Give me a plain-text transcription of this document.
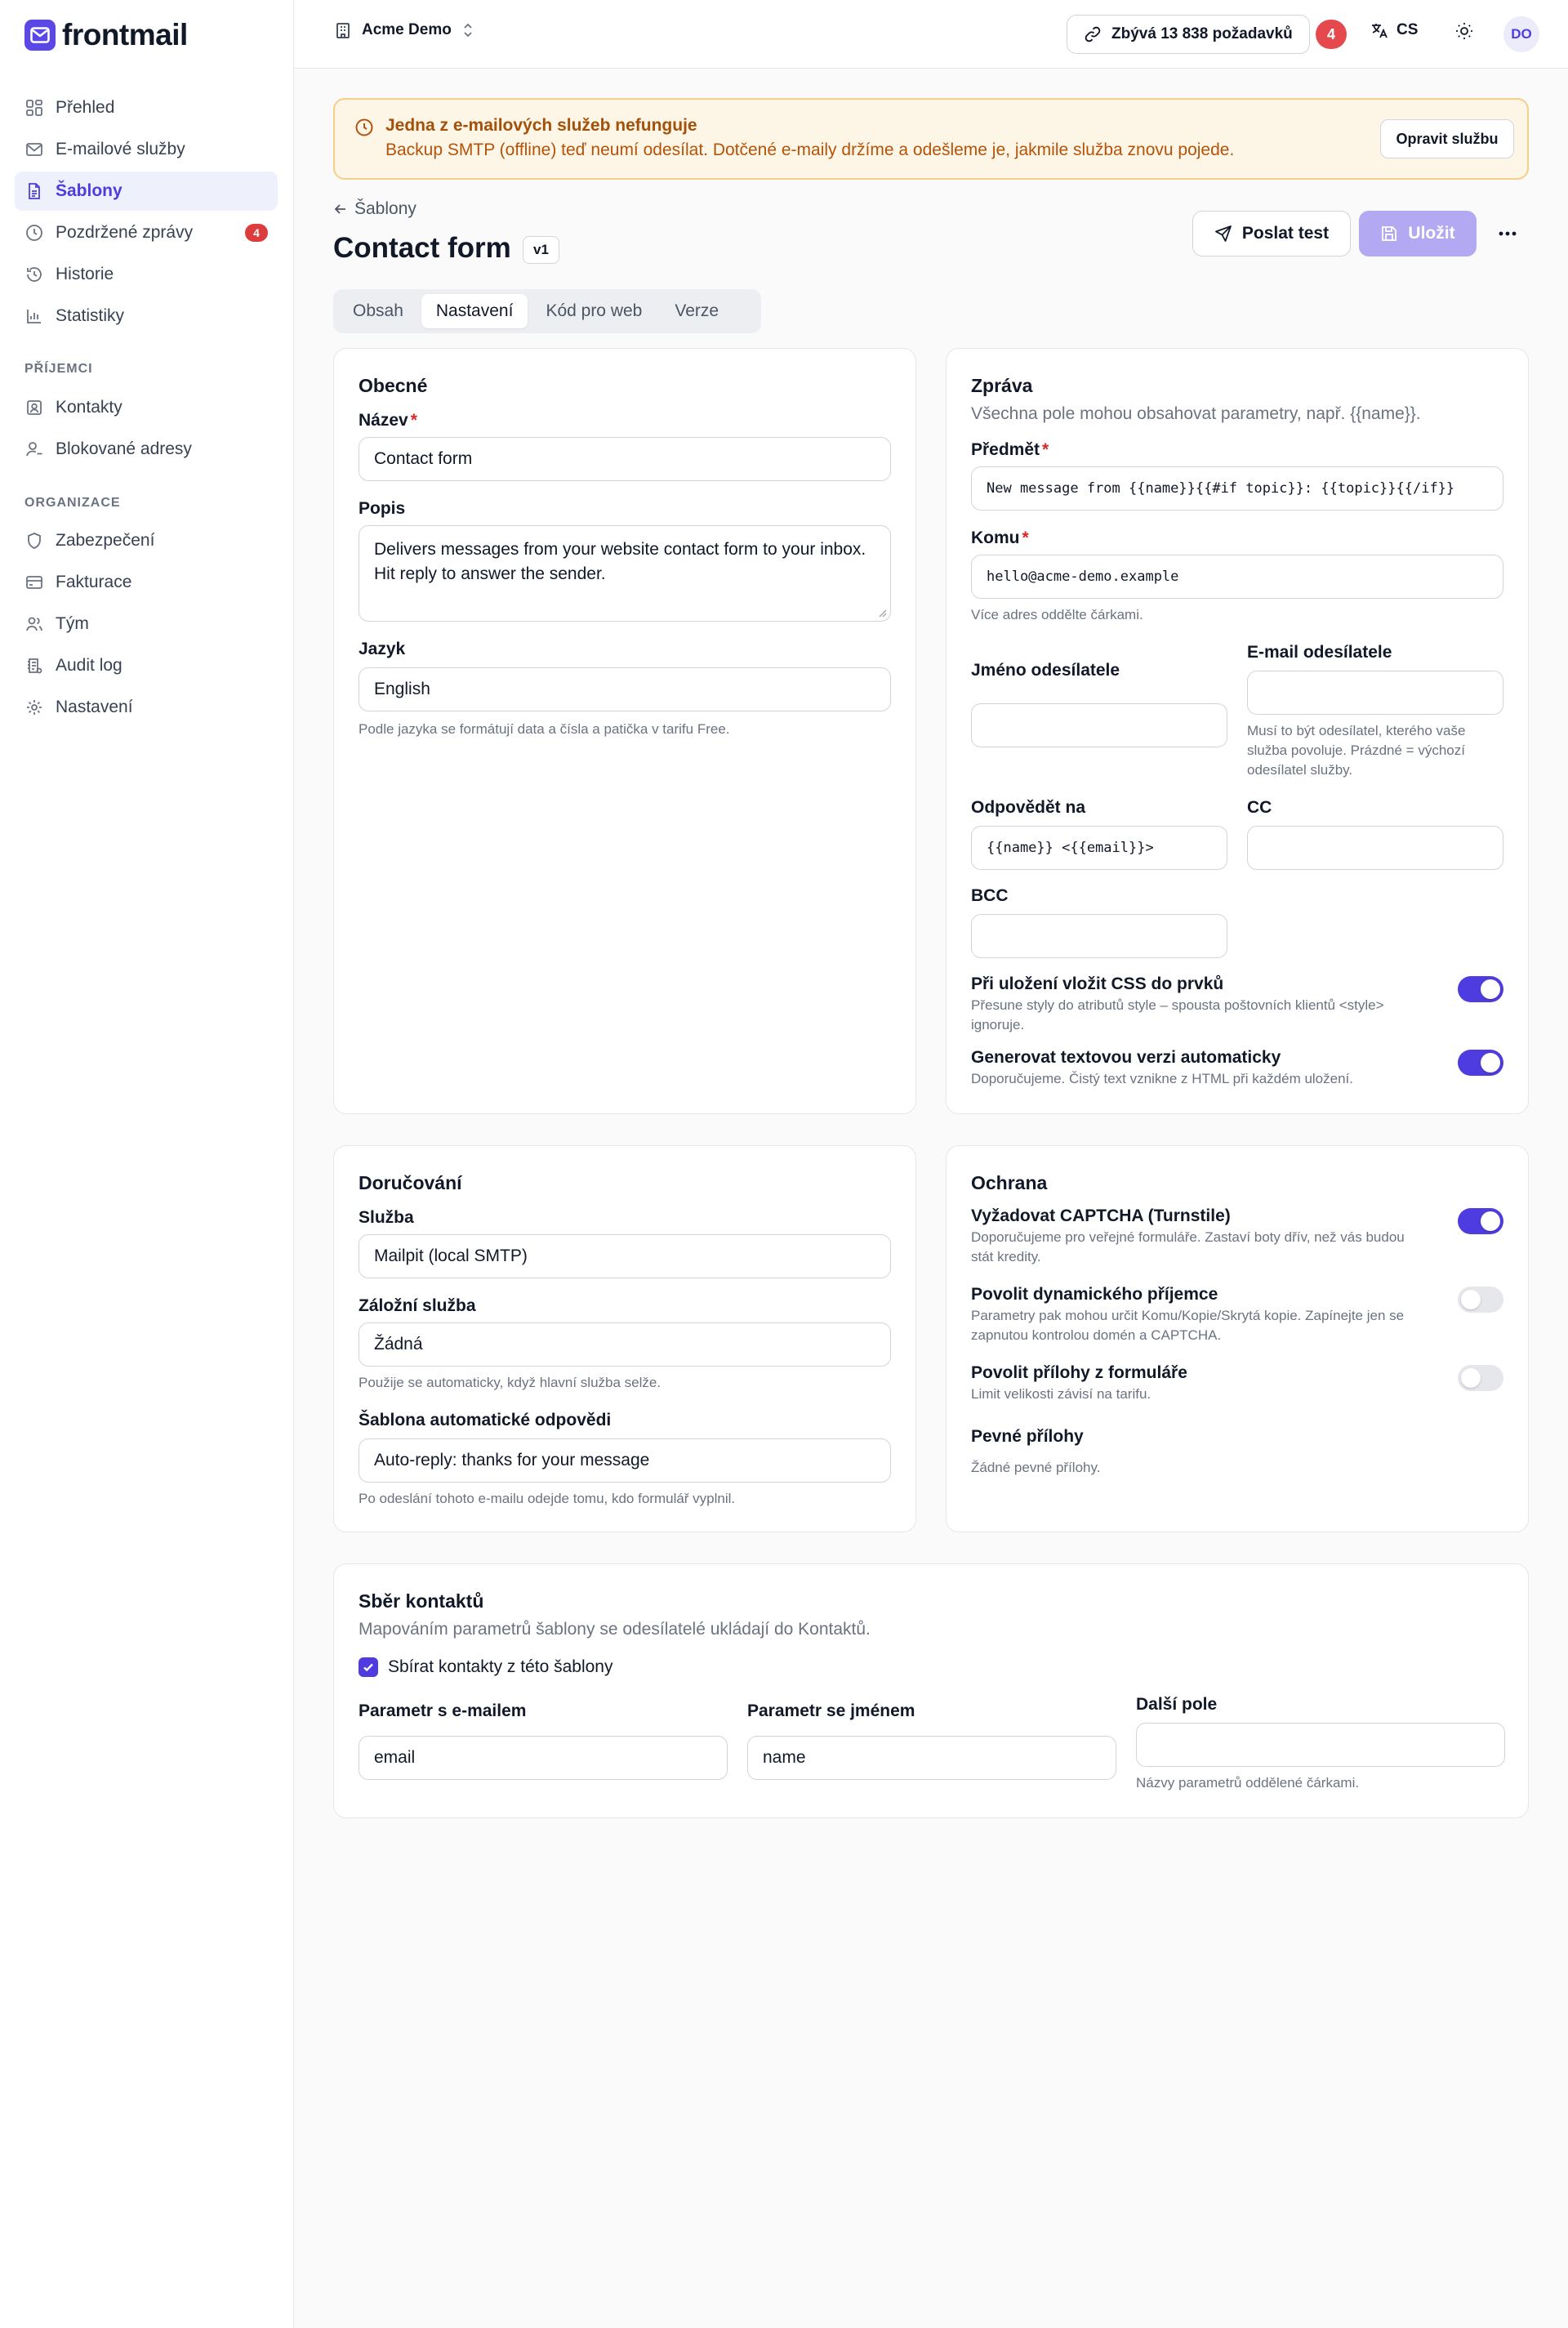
frontmail
Přehled
E-mailové služby
Šablony
Pozdržené zprávy	4
Historie
Statistiky
PŘÍJEMCI
Kontakty
Blokované adresy
ORGANIZACE
Zabezpečení
Fakturace
Tým
Audit log
Nastavení
Acme Demo	Zbývá 13 838 požadavků	4	CS	DO
Jedna z e-mailových služeb nefunguje
Backup SMTP (offline) teď neumí odesílat. Dotčené e-maily držíme a odešleme je, jakmile služba znovu pojede.
Opravit službu
Šablony
Contact form	v1
Poslat test	Uložit
Obsah	Nastavení	Kód pro web	Verze
Obecné
Název *
Contact form
Popis
Delivers messages from your website contact form to your inbox. Hit reply to answer the sender.
Jazyk
English
Podle jazyka se formátují data a čísla a patička v tarifu Free.
Zpráva
Všechna pole mohou obsahovat parametry, např. {{name}}.
Předmět *
New message from {{name}}{{#if topic}}: {{topic}}{{/if}}
Komu *
hello@acme-demo.example
Více adres oddělte čárkami.
Jméno odesílatele
E-mail odesílatele
Musí to být odesílatel, kterého vaše služba povoluje. Prázdné = výchozí odesílatel služby.
Odpovědět na
{{name}} <{{email}}>
CC
BCC
Při uložení vložit CSS do prvků
Přesune styly do atributů style – spousta poštovních klientů <style> ignoruje.
Generovat textovou verzi automaticky
Doporučujeme. Čistý text vznikne z HTML při každém uložení.
Doručování
Služba
Mailpit (local SMTP)
Záložní služba
Žádná
Použije se automaticky, když hlavní služba selže.
Šablona automatické odpovědi
Auto-reply: thanks for your message
Po odeslání tohoto e-mailu odejde tomu, kdo formulář vyplnil.
Ochrana
Vyžadovat CAPTCHA (Turnstile)
Doporučujeme pro veřejné formuláře. Zastaví boty dřív, než vás budou stát kredity.
Povolit dynamického příjemce
Parametry pak mohou určit Komu/Kopie/Skrytá kopie. Zapínejte jen se zapnutou kontrolou domén a CAPTCHA.
Povolit přílohy z formuláře
Limit velikosti závisí na tarifu.
Pevné přílohy
Žádné pevné přílohy.
Sběr kontaktů
Mapováním parametrů šablony se odesílatelé ukládají do Kontaktů.
Sbírat kontakty z této šablony
Parametr s e-mailem
email
Parametr se jménem
name
Další pole
Názvy parametrů oddělené čárkami.
